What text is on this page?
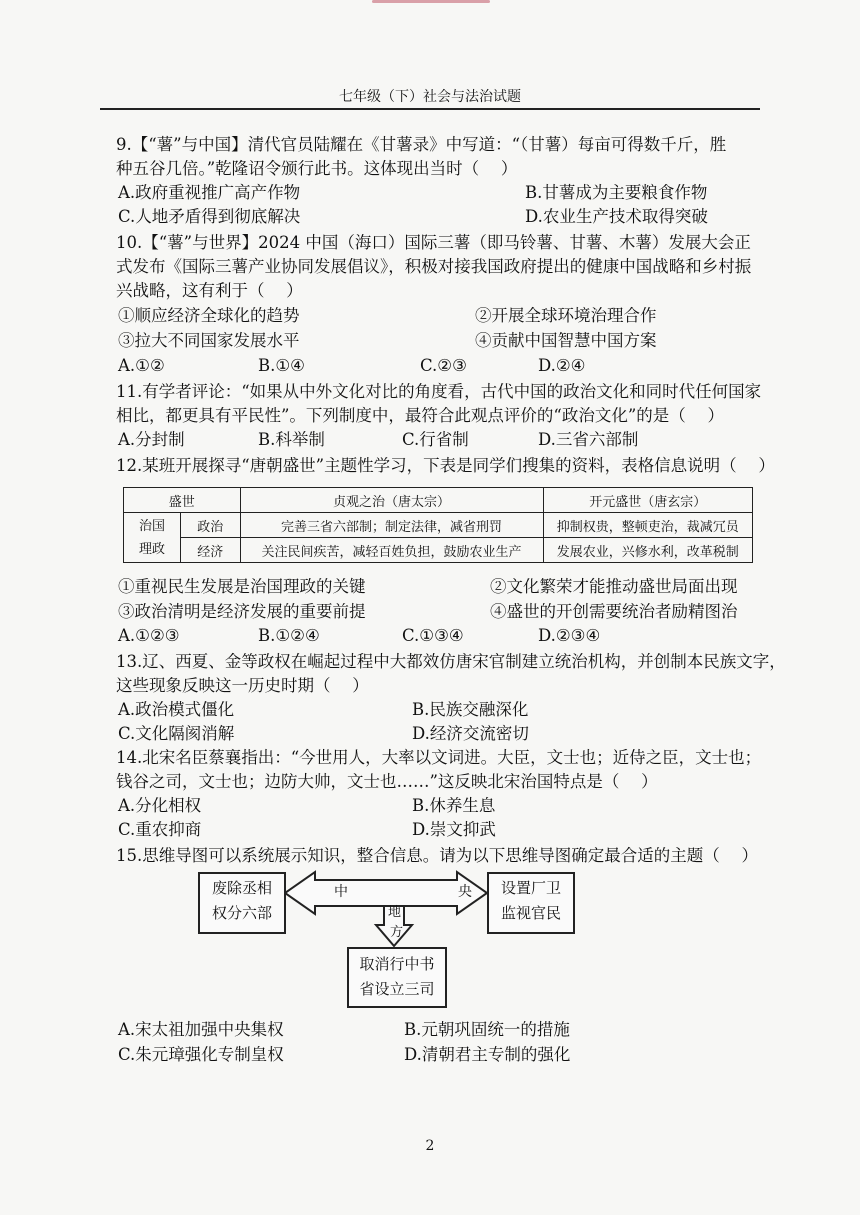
七年级（下）社会与法治试题
9.【“薯”与中国】清代官员陆耀在《甘薯录》中写道：“（甘薯）每亩可得数千斤，胜
种五谷几倍。”乾隆诏令颁行此书。这体现出当时（　 ）
A.政府重视推广高产作物	B.甘薯成为主要粮食作物
C.人地矛盾得到彻底解决	D.农业生产技术取得突破
10.【“薯”与世界】2024 中国（海口）国际三薯（即马铃薯、甘薯、木薯）发展大会正
式发布《国际三薯产业协同发展倡议》，积极对接我国政府提出的健康中国战略和乡村振
兴战略，这有利于（　 ）
①顺应经济全球化的趋势	②开展全球环境治理合作
③拉大不同国家发展水平	④贡献中国智慧中国方案
A.①②	B.①④	C.②③	D.②④
11.有学者评论：“如果从中外文化对比的角度看，古代中国的政治文化和同时代任何国家
相比，都更具有平民性”。下列制度中，最符合此观点评价的“政治文化”的是（　 ）
A.分封制	B.科举制	C.行省制	D.三省六部制
12.某班开展探寻“唐朝盛世”主题性学习，下表是同学们搜集的资料，表格信息说明（　 ）
盛世		贞观之治（唐太宗）	开元盛世（唐玄宗）
治国
理政	政治	完善三省六部制；制定法律，减省刑罚	抑制权贵，整顿吏治，裁减冗员
	经济	关注民间疾苦，减轻百姓负担，鼓励农业生产	发展农业，兴修水利，改革税制
①重视民生发展是治国理政的关键	②文化繁荣才能推动盛世局面出现
③政治清明是经济发展的重要前提	④盛世的开创需要统治者励精图治
A.①②③	B.①②④	C.①③④	D.②③④
13.辽、西夏、金等政权在崛起过程中大都效仿唐宋官制建立统治机构，并创制本民族文字，
这些现象反映这一历史时期（　 ）
A.政治模式僵化	B.民族交融深化
C.文化隔阂消解	D.经济交流密切
14.北宋名臣蔡襄指出：“今世用人，大率以文词进。大臣，文士也；近侍之臣，文士也；
钱谷之司，文士也；边防大帅，文士也……”这反映北宋治国特点是（　 ）
A.分化相权	B.休养生息
C.重农抑商	D.崇文抑武
15.思维导图可以系统展示知识，整合信息。请为以下思维导图确定最合适的主题（　 ）
中	央
地
方
废除丞相
权分六部
设置厂卫
监视官民
取消行中书
省设立三司
A.宋太祖加强中央集权	B.元朝巩固统一的措施
C.朱元璋强化专制皇权	D.清朝君主专制的强化
2
